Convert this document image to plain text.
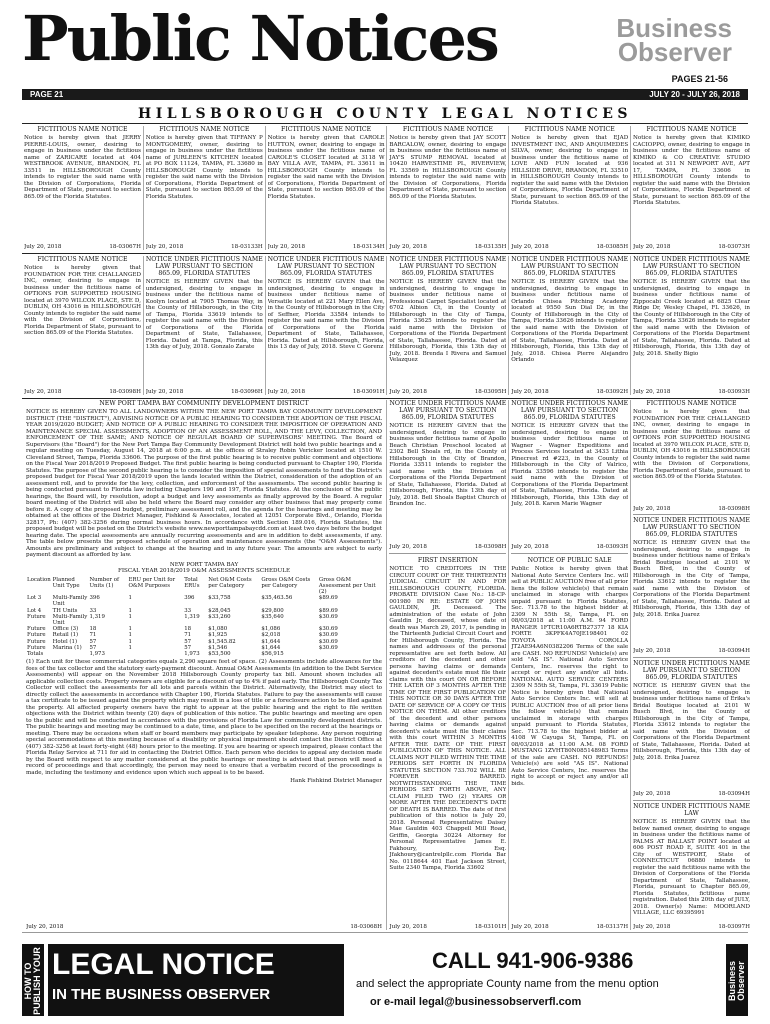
Public Notices	Business
Observer
PAGES 21-56
PAGE 21	JULY 20 - JULY 26, 2018
HILLSBOROUGH COUNTY LEGAL NOTICES
NEW PORT TAMPA BAY COMMUNITY DEVELOPMENT DISTRICT
NOTICE IS HEREBY GIVEN TO ALL LANDOWNERS WITHIN THE NEW PORT TAMPA BAY COMMUNITY DEVELOPMENT DISTRICT (THE "DISTRICT"), ADVISING NOTICE OF A PUBLIC HEARING TO CONSIDER THE ADOPTION OF THE FISCAL YEAR 2019/2020 BUDGET; AND NOTICE OF A PUBLIC HEARING TO CONSIDER THE IMPOSITION OF OPERATION AND MAINTENANCE SPECIAL ASSESSMENTS, ADOPTION OF AN ASSESSMENT ROLL, AND THE LEVY, COLLECTION, AND ENFORCEMENT OF THE SAME; AND NOTICE OF REGULAR BOARD OF SUPERVISORS' MEETING. The Board of Supervisors (the "Board") for the New Port Tampa Bay Community Development District will hold two public hearings and a regular meeting on Tuesday, August 14, 2018 at 6:00 p.m. at the offices of Straley Robin Vericker located at 1510 W. Cleveland Street, Tampa, Florida 33606. The purpose of the first public hearing is to receive public comment and objections on the Fiscal Year 2018/2019 Proposed Budget. The first public hearing is being conducted pursuant to Chapter 190, Florida Statutes. The purpose of the second public hearing is to consider the imposition of special assessments to fund the District's proposed budget for Fiscal Year 2018/2019 upon the lands located within the District, consideration of the adoption of an assessment roll, and to provide for the levy, collection, and enforcement of the assessments. The second public hearing is being conducted pursuant to Florida law including Chapters 190 and 197, Florida Statutes. At the conclusion of the public hearings, the Board will, by resolution, adopt a budget and levy assessments as finally approved by the Board. A regular board meeting of the District will also be held where the Board may consider any other business that may properly come before it. A copy of the proposed budget, preliminary assessment roll, and the agenda for the hearings and meeting may be obtained at the offices of the District Manager, Fishkind & Associates, located at 12051 Corporate Blvd., Orlando, Florida 32817, Ph: (407) 382-3256 during normal business hours. In accordance with Section 189.016, Florida Statutes, the proposed budget will be posted on the District's website www.newporttampabaycdd.com at least two days before the budget hearing date. The special assessments are annually recurring assessments and are in addition to debt assessments, if any. The table below presents the proposed schedule of operation and maintenance assessments (the "O&M Assessments"). Amounts are preliminary and subject to change at the hearing and in any future year. The amounts are subject to early payment discount as afforded by law.
NEW PORT TAMPA BAY
FISCAL YEAR 2018/2019 O&M ASSESSMENTS SCHEDULE
Location	Planned Unit Type	Number of Units (1)	ERU per Unit for O&M Purposes	Total ERUs	Net O&M Costs per Category	Gross O&M Costs per Category	Gross O&M Assessment per Unit (2)
Lot 3	Multi-Family Unit	396	1	396	$33,758	$35,463.56	$89.69
Lot 4	TH Units	33	1	33	$28,045	$29,800	$89.69
Future	Multi-Family Unit	1,319	1	1,319	$33,260	$35,640	$30.69
Future	Office (3)	18	1	18	$1,080	$1,086	$30.69
Future	Retail (1)	71	1	71	$1,925	$2,018	$30.69
Future	Hotel (1)	57	1	57	$1,545.82	$1,644	$30.69
Future	Marina (1)	57	1	57	$1,546	$1,644	$30.69
Totals		1,973		1,973	$53,500	$56,915	
(1) Each unit for these commercial categories equals 2,290 square feet of space. (2) Assessments include allowances for the fees of the tax collector and the statutory early-payment discount. Annual O&M Assessments (in addition to the Debt Service Assessments) will appear on the November 2018 Hillsborough County property tax bill. Amount shown includes all applicable collection costs. Property owners are eligible for a discount of up to 4% if paid early. The Hillsborough County Tax Collector will collect the assessments for all lots and parcels within the District. Alternatively, the District may elect to directly collect the assessments in accordance with Chapter 190, Florida Statutes. Failure to pay the assessments will cause a tax certificate to be issued against the property which may result in a loss of title or a foreclosure action to be filed against the property. All affected property owners have the right to appear at the public hearing and the right to file written objections with the District within twenty (20) days of publication of this notice. The public hearings and meeting are open to the public and will be conducted in accordance with the provisions of Florida Law for community development districts. The public hearings and meeting may be continued to a date, time, and place to be specified on the record at the hearings or meeting. There may be occasions when staff or board members may participate by speaker telephone. Any person requiring special accommodations at this meeting because of a disability or physical impairment should contact the District Office at (407) 382-3256 at least forty-eight (48) hours prior to the meeting. If you are hearing or speech impaired, please contact the Florida Relay Service at 711 for aid in contacting the District Office. Each person who decides to appeal any decision made by the Board with respect to any matter considered at the public hearings or meeting is advised that person will need a record of proceedings and that accordingly, the person may need to ensure that a verbatim record of the proceedings is made, including the testimony and evidence upon which such appeal is to be based.
Hank Fishkind District Manager
July 20, 2018	18-03068H
HOW TO PUBLISH YOUR LEGAL NOTICE
IN THE BUSINESS OBSERVER
CALL 941-906-9386
and select the appropriate County name from the menu option
or e-mail legal@businessobserverfl.com
Business Observer
FICTITIOUS NAME NOTICE
Notice is hereby given that JERRY PIERRE-LOUIS, owner, desiring to engage in business under the fictitious name of ZARICARE located at 404 WESTBROOK AVENUE, BRANDON, FL 33511 in HILLSBOROUGH County intends to register the said name with the Division of Corporations, Florida Department of State, pursuant to section 865.09 of the Florida Statutes.
July 20, 2018	18-03067H
FICTITIOUS NAME NOTICE
Notice is hereby given that FOUNDATION FOR THE CHALLANGED INC, owner, desiring to engage in business under the fictitious name of OPTIONS FOR SUPPORTED HOUSING located at 3970 WILCOX PLACE, STE D, DUBLIN, OH 43016 in HILLSBOROUGH County intends to register the said name with the Division of Corporations, Florida Department of State, pursuant to section 865.09 of the Florida Statutes.
July 20, 2018	18-03098H
FICTITIOUS NAME NOTICE
Notice is hereby given that TIFFANY P MONTGOMERY, owner, desiring to engage in business under the fictitious name of JURLEEN'S KITCHEN located at PO BOX 11124, TAMPA, FL 33680 in HILLSBOROUGH County intends to register the said name with the Division of Corporations, Florida Department of State, pursuant to section 865.09 of the Florida Statutes.
July 20, 2018	18-03133H
NOTICE UNDER FICTITIOUS NAME LAW PURSUANT TO SECTION 865.09, FLORIDA STATUTES
NOTICE IS HEREBY GIVEN that the undersigned, desiring to engage in business under the fictitious name of Koolyn located at 7905 Thomas Way, in the County of Hillsborough, in the City of Tampa, Florida 33619 intends to register the said name with the Division of Corporations of the Florida Department of State, Tallahassee, Florida. Dated at Tampa, Florida, this 13th day of July, 2018. Gonzalo Zarate
July 20, 2018	18-03096H
FICTITIOUS NAME NOTICE
Notice is hereby given that CAROLE HUTTON, owner, desiring to engage in business under the fictitious name of CAROLE'S CLOSET located at 3118 W BAY VILLA AVE, TAMPA, FL 33611 in HILLSBOROUGH County intends to register the said name with the Division of Corporations, Florida Department of State, pursuant to section 865.09 of the Florida Statutes.
July 20, 2018	18-03134H
NOTICE UNDER FICTITIOUS NAME LAW PURSUANT TO SECTION 865.09, FLORIDA STATUTES
NOTICE IS HEREBY GIVEN that the undersigned, desiring to engage in business under fictitious name of Versatile located at 221 Mary Ellen Ave, in the County of Hillsborough in the City of Seffner, Florida 33584 intends to register the said name with the Division of Corporations of the Florida Department of State, Tallahassee, Florida. Dated at Hillsborough, Florida, this 13 day of July, 2018. Steve C Gorenz
July 20, 2018	18-03091H
FICTITIOUS NAME NOTICE
Notice is hereby given that JAY SCOTT BARCALOW, owner, desiring to engage in business under the fictitious name of JAY'S STUMP REMOVAL located at 10420 HARVESTIME PL, RIVERVIEW, FL 33569 in HILLSBOROUGH County intends to register the said name with the Division of Corporations, Florida Department of State, pursuant to section 865.09 of the Florida Statutes.
July 20, 2018	18-03135H
NOTICE UNDER FICTITIOUS NAME LAW PURSUANT TO SECTION 865.09, FLORIDA STATUTES
NOTICE IS HEREBY GIVEN that the undersigned, desiring to engage in business under fictitious name of Professional Carpet Specialist located at 6702 Albion Ct, in the County of Hillsborough in the City of Tampa, Florida 33625 intends to register the said name with the Division of Corporations of the Florida Department of State, Tallahassee, Florida. Dated at Hillsborough, Florida, this 13th day of July, 2018. Brenda I Rivera and Samuel Velazquez
July 20, 2018	18-03095H
FICTITIOUS NAME NOTICE
Notice is hereby given that EJAD INVESTMENT INC, AND ARQUIMEDES SILVA, owner, desiring to engage in business under the fictitious name of LOVE AND FUN located at 936 HILLSIDE DRIVE, BRANDON, FL 33510 in HILLSBOROUGH County intends to register the said name with the Division of Corporations, Florida Department of State, pursuant to section 865.09 of the Florida Statutes.
July 20, 2018	18-03085H
NOTICE UNDER FICTITIOUS NAME LAW PURSUANT TO SECTION 865.09, FLORIDA STATUTES
NOTICE IS HEREBY GIVEN that the undersigned, desiring to engage in business under fictitious name of Orlando Chisea Pitching Academy located at 9550 Sun Dial Dr, in the County of Hillsborough in the City of Tampa, Florida 33626 intends to register the said name with the Division of Corporations of the Florida Department of State, Tallahassee, Florida. Dated at Hillsborough, Florida, this 13th day of July, 2018. Chisea Pierre Alejandro Orlando
July 20, 2018	18-03092H
FICTITIOUS NAME NOTICE
Notice is hereby given that KIMIKO CACIOPPO, owner, desiring to engage in business under the fictitious name of KIMIKO & CO CREATIVE STUDIO located at 311 N NEWPORT AVE, APT 17, TAMPA, FL 33606 in HILLSBOROUGH County intends to register the said name with the Division of Corporations, Florida Department of State, pursuant to section 865.09 of the Florida Statutes.
July 20, 2018	18-03073H
NOTICE UNDER FICTITIOUS NAME LAW PURSUANT TO SECTION 865.09, FLORIDA STATUTES
NOTICE IS HEREBY GIVEN that the undersigned, desiring to engage in business under fictitious name of Zippocabi Creek located at 6825 Clear Ridge Dr, Wesley Chapel, FL 33626, in the County of Hillsborough in the City of Tampa, Florida 33626 intends to register the said name with the Division of Corporations of the Florida Department of State, Tallahassee, Florida. Dated at Hillsborough, Florida, this 13th day of July, 2018. Shelly Bigio
July 20, 2018	18-03093H
NOTICE UNDER FICTITIOUS NAME LAW PURSUANT TO SECTION 865.09, FLORIDA STATUTES
NOTICE IS HEREBY GIVEN that the undersigned, desiring to engage in business under fictitious name of Apollo Beach Christian Preschool located at 2302 Bell Shoals rd, in the County of Hillsborough in the City of Brandon, Florida 33511 intends to register the said name with the Division of Corporations of the Florida Department of State, Tallahassee, Florida. Dated at Hillsborough, Florida, this 13th day of July, 2018. Bell Shoals Baptist Church of Brandon Inc.
July 20, 2018	18-03098H
FIRST INSERTION
NOTICE TO CREDITORS IN THE CIRCUIT COURT OF THE THIRTEENTH JUDICIAL CIRCUIT IN AND FOR HILLSBOROUGH COUNTY, FLORIDA. PROBATE DIVISION Case No.: 18-CP-001980 IN RE: ESTATE OF JOHN GAULDIN, JR. Deceased. The administration of the estate of John Gauldin Jr, deceased, whose date of death was March 29, 2017, is pending in the Thirteenth Judicial Circuit Court and for Hillsborough County, Florida. The names and addresses of the personal representative are set forth below. All creditors of the decedent and other persons having claims or demands against decedent's estate must file their claims with this court ON OR BEFORE THE LATER OF 3 MONTHS AFTER THE TIME OF THE FIRST PUBLICATION OF THIS NOTICE OR 30 DAYS AFTER THE DATE OF SERVICE OF A COPY OF THIS NOTICE ON THEM. All other creditors of the decedent and other persons having claims or demands against decedent's estate must file their claims with this court WITHIN 3 MONTHS AFTER THE DATE OF THE FIRST PUBLICATION OF THIS NOTICE. ALL CLAIMS NOT FILED WITHIN THE TIME PERIODS SET FORTH IN FLORIDA STATUTES SECTION 733.702 WILL BE FOREVER BARRED. NOTWITHSTANDING THE TIME PERIODS SET FORTH ABOVE, ANY CLAIM FILED TWO (2) YEARS OR MORE AFTER THE DECEDENT'S DATE OF DEATH IS BARRED. The date of first publication of this notice is July 20, 2018. Personal Representative Daisey Mae Gauldin 403 Chappell Mill Road, Griffin, Georgia 30224 Attorney for Personal Representative James E. Fakhoury, Esq. Jfakhoury@cantrelpllc.com Florida Bar No. 0118644 401 East Jackson Street, Suite 2340 Tampa, Florida 33602
July 20, 2018	18-03101H
NOTICE UNDER FICTITIOUS NAME LAW PURSUANT TO SECTION 865.09, FLORIDA STATUTES
NOTICE IS HEREBY GIVEN that the undersigned, desiring to engage in business under fictitious name of Wagner - Wagner Expeditions and Process Services located at 3433 Lithia Pinecrest rd #223, in the County of Hillsborough in the City of Valrico, Florida 33596 intends to register the said name with the Division of Corporations of the Florida Department of State, Tallahassee, Florida. Dated at Hillsborough, Florida, this 13th day of July, 2018. Karen Marie Wagner
July 20, 2018	18-03093H
NOTICE OF PUBLIC SALE
Public Notice is hereby given that National Auto Service Centers Inc. will sell at PUBLIC AUCTION free of all prior liens the follow vehicle(s) that remain unclaimed in storage with charges unpaid pursuant to Florida Statutes, Sec. 713.78 to the highest bidder at 2309 N 55th St, Tampa, FL on 08/03/2018 at 11:00 A.M. 94 FORD RANGER 1FTCR10A6RTB27377 18 KIA FORTE 3KPFK4A70JE198401 02 TOYOTA COROLLA JT2AE94A6N0382206 Terms of the sale are CASH. NO REFUNDS! Vehicle(s) are sold "AS IS". National Auto Service Centers, Inc. reserves the right to accept or reject any and/or all bids. NATIONAL AUTO SERVICE CENTERS 2309 N 55th St, Tampa, FL 33619 Public Notice is hereby given that National Auto Service Centers Inc. will sell at PUBLIC AUCTION free of all prior liens the follow vehicle(s) that remain unclaimed in storage with charges unpaid pursuant to Florida Statutes, Sec. 713.78 to the highest bidder at 4108 W Cayuga St, Tampa, FL on 08/03/2018 at 11:00 A.M. 08 FORD MUSTANG 1ZVHT80N085148983 Terms of the sale are CASH. NO REFUNDS! Vehicle(s) are sold "AS IS". National Auto Service Centers, Inc. reserves the right to accept or reject any and/or all bids.
July 20, 2018	18-03137H
FICTITIOUS NAME NOTICE
Notice is hereby given that FOUNDATION FOR THE CHALLANGED INC, owner, desiring to engage in business under the fictitious name of OPTIONS FOR SUPPORTED HOUSING located at 3970 WILCOX PLACE, STE D, DUBLIN, OH 43016 in HILLSBOROUGH County intends to register the said name with the Division of Corporations, Florida Department of State, pursuant to section 865.09 of the Florida Statutes.
July 20, 2018	18-03098H
NOTICE UNDER FICTITIOUS NAME LAW PURSUANT TO SECTION 865.09, FLORIDA STATUTES
NOTICE IS HEREBY GIVEN that the undersigned, desiring to engage in business under fictitious name of Erika's Bridal Boutique located at 2101 W Busch Blvd, in the County of Hillsborough in the City of Tampa, Florida 33612 intends to register the said name with the Division of Corporations of the Florida Department of State, Tallahassee, Florida. Dated at Hillsborough, Florida, this 13th day of July, 2018. Erika Juarez
July 20, 2018	18-03094H
NOTICE UNDER FICTITIOUS NAME LAW PURSUANT TO SECTION 865.09, FLORIDA STATUTES
NOTICE IS HEREBY GIVEN that the undersigned, desiring to engage in business under fictitious name of Erika's Bridal Boutique located at 2101 W Busch Blvd, in the County of Hillsborough in the City of Tampa, Florida 33612 intends to register the said name with the Division of Corporations of the Florida Department of State, Tallahassee, Florida. Dated at Hillsborough, Florida, this 13th day of July, 2018. Erika Juarez
July 20, 2018	18-03094H
NOTICE UNDER FICTITIOUS NAME LAW
NOTICE IS HEREBY GIVEN that the below named owner, desiring to engage in business under the fictitious name of PALMS AT BALLAST POINT located at 606 POST ROAD E, SUITE 401 in the City of WESTPORT, State of CONNECTICUT 06880 intends to register the said fictitious name with the Division of Corporations of the Florida Department of State, Tallahassee, Florida, pursuant to Chapter 865.09, Florida Statutes, fictitious name registration. Dated this 20th day of JULY, 2018. Owner(s) Name: MOORLAND VILLAGE, LLC 69395991
July 20, 2018	18-03097H
